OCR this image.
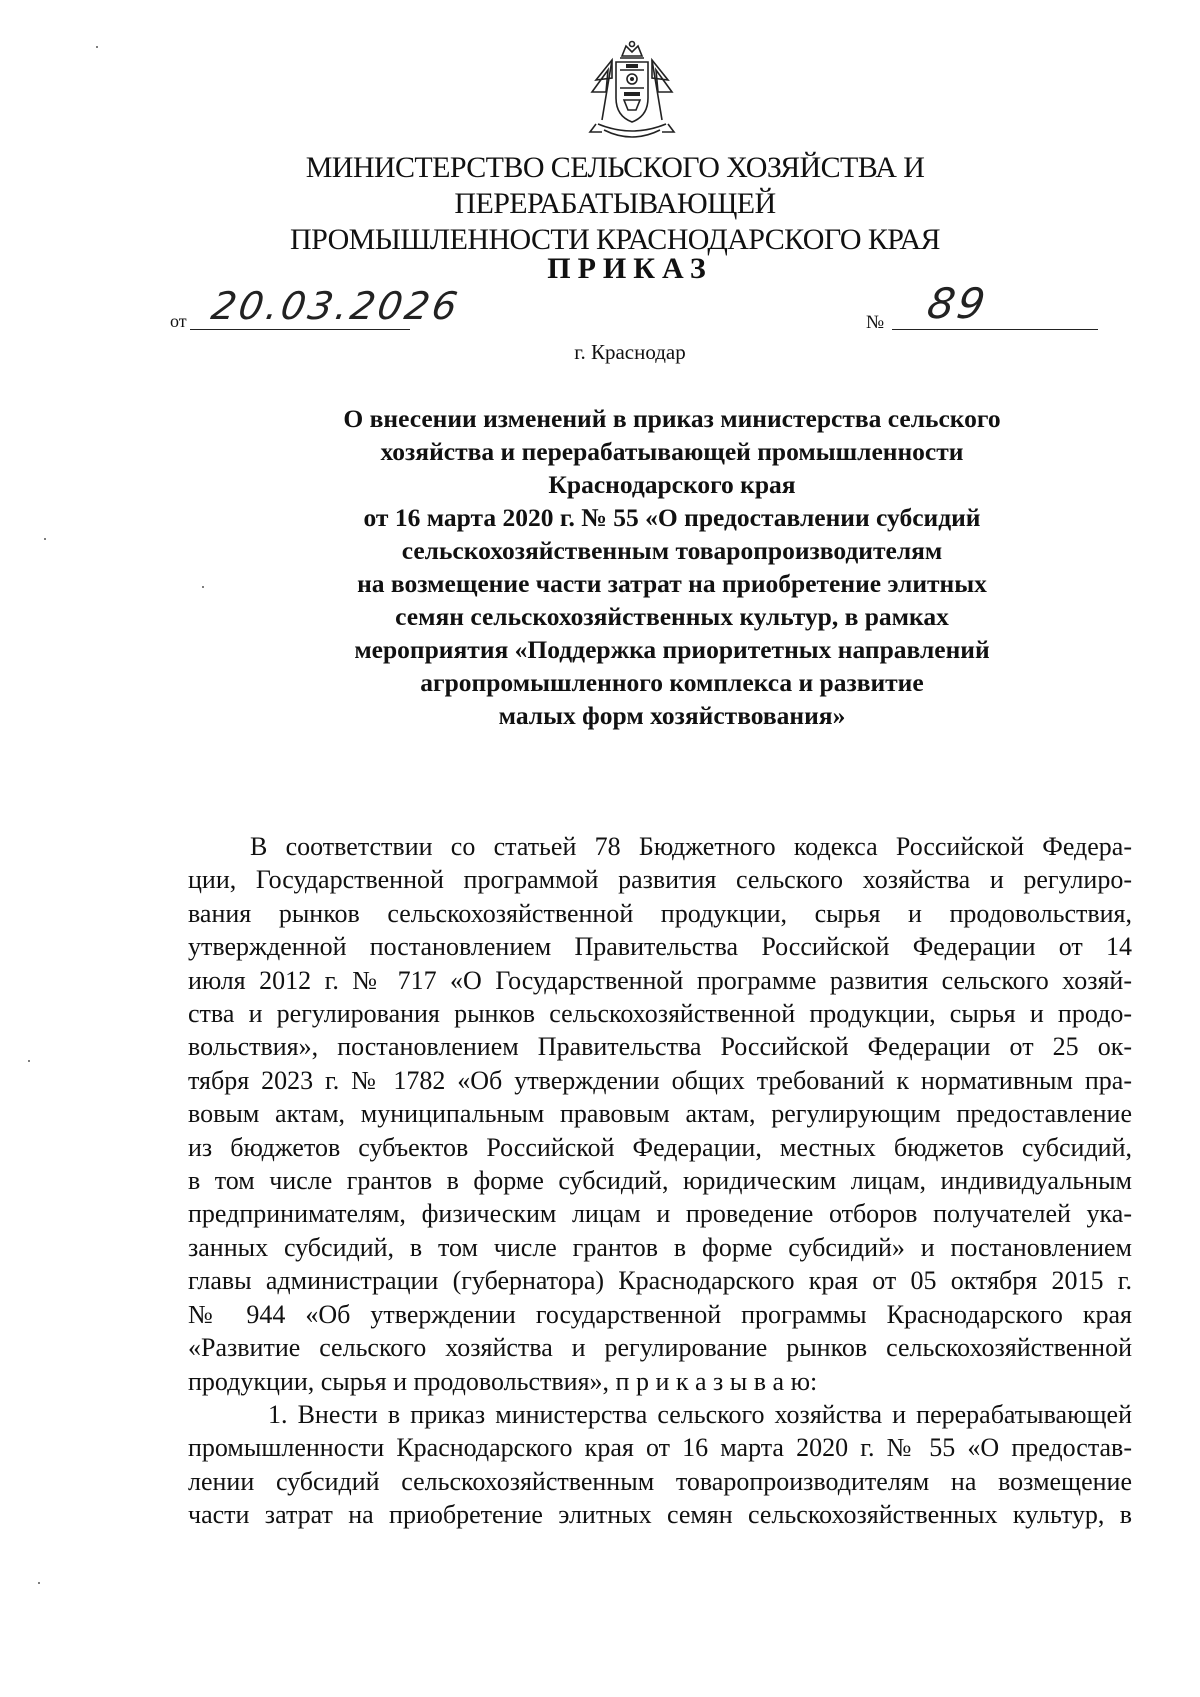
МИНИСТЕРСТВО СЕЛЬСКОГО ХОЗЯЙСТВА И ПЕРЕРАБАТЫВАЮЩЕЙ
ПРОМЫШЛЕННОСТИ КРАСНОДАРСКОГО КРАЯ
ПРИКАЗ
от 20.03.2026	№ 89
г. Краснодар
О внесении изменений в приказ министерства сельского
хозяйства и перерабатывающей промышленности
Краснодарского края
от 16 марта 2020 г. № 55 «О предоставлении субсидий
сельскохозяйственным товаропроизводителям
на возмещение части затрат на приобретение элитных
семян сельскохозяйственных культур, в рамках
мероприятия «Поддержка приоритетных направлений
агропромышленного комплекса и развитие
малых форм хозяйствования»
В соответствии со статьей 78 Бюджетного кодекса Российской Федера-
ции, Государственной программой развития сельского хозяйства и регулиро-
вания рынков сельскохозяйственной продукции, сырья и продовольствия,
утвержденной постановлением Правительства Российской Федерации от 14
июля 2012 г. № 717 «О Государственной программе развития сельского хозяй-
ства и регулирования рынков сельскохозяйственной продукции, сырья и продо-
вольствия», постановлением Правительства Российской Федерации от 25 ок-
тября 2023 г. № 1782 «Об утверждении общих требований к нормативным пра-
вовым актам, муниципальным правовым актам, регулирующим предоставление
из бюджетов субъектов Российской Федерации, местных бюджетов субсидий,
в том числе грантов в форме субсидий, юридическим лицам, индивидуальным
предпринимателям, физическим лицам и проведение отборов получателей ука-
занных субсидий, в том числе грантов в форме субсидий» и постановлением
главы администрации (губернатора) Краснодарского края от 05 октября 2015 г.
№ 944 «Об утверждении государственной программы Краснодарского края
«Развитие сельского хозяйства и регулирование рынков сельскохозяйственной
продукции, сырья и продовольствия», п р и к а з ы в а ю:
1. Внести в приказ министерства сельского хозяйства и перерабатывающей
промышленности Краснодарского края от 16 марта 2020 г. № 55 «О предостав-
лении субсидий сельскохозяйственным товаропроизводителям на возмещение
части затрат на приобретение элитных семян сельскохозяйственных культур, в
